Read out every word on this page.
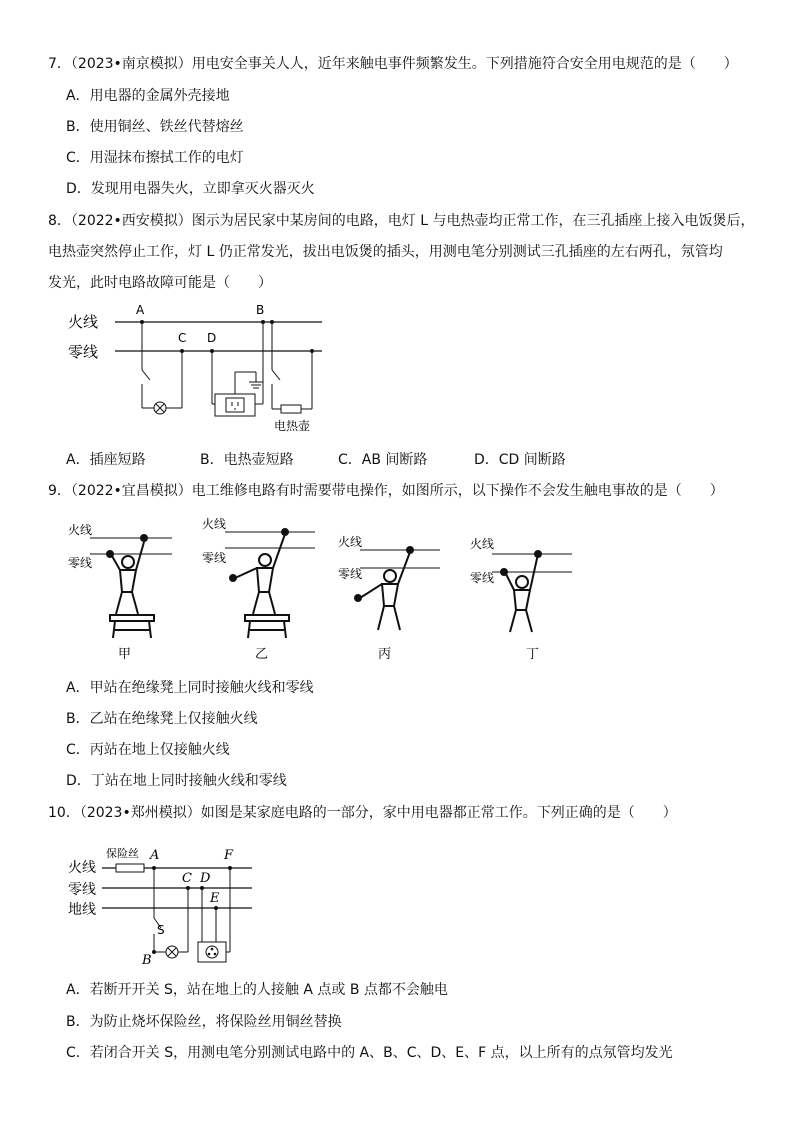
7．（2023•南京模拟）用电安全事关人人，近年来触电事件频繁发生。下列措施符合安全用电规范的是（　　）
A．用电器的金属外壳接地
B．使用铜丝、铁丝代替熔丝
C．用湿抹布擦拭工作的电灯
D．发现用电器失火，立即拿灭火器灭火
8．（2022•西安模拟）图示为居民家中某房间的电路，电灯 L 与电热壶均正常工作，在三孔插座上接入电饭煲后，
电热壶突然停止工作，灯 L 仍正常发光，拔出电饭煲的插头，用测电笔分别测试三孔插座的左右两孔，氖管均
发光，此时电路故障可能是（　　）
火线
零线
A
C D
B
电热壶
A．插座短路	B．电热壶短路	C．AB 间断路	D．CD 间断路
9．（2022•宜昌模拟）电工维修电路有时需要带电操作，如图所示，以下操作不会发生触电事故的是（　　）
火线
零线
甲
火线
零线
乙
火线
零线
丙
火线
零线
丁
A．甲站在绝缘凳上同时接触火线和零线
B．乙站在绝缘凳上仅接触火线
C．丙站在地上仅接触火线
D．丁站在地上同时接触火线和零线
10．（2023•郑州模拟）如图是某家庭电路的一部分，家中用电器都正常工作。下列正确的是（　　）
火线
零线
地线
保险丝 A
S
B
C D
E
F
A．若断开开关 S，站在地上的人接触 A 点或 B 点都不会触电
B．为防止烧坏保险丝，将保险丝用铜丝替换
C．若闭合开关 S，用测电笔分别测试电路中的 A、B、C、D、E、F 点，以上所有的点氖管均发光
